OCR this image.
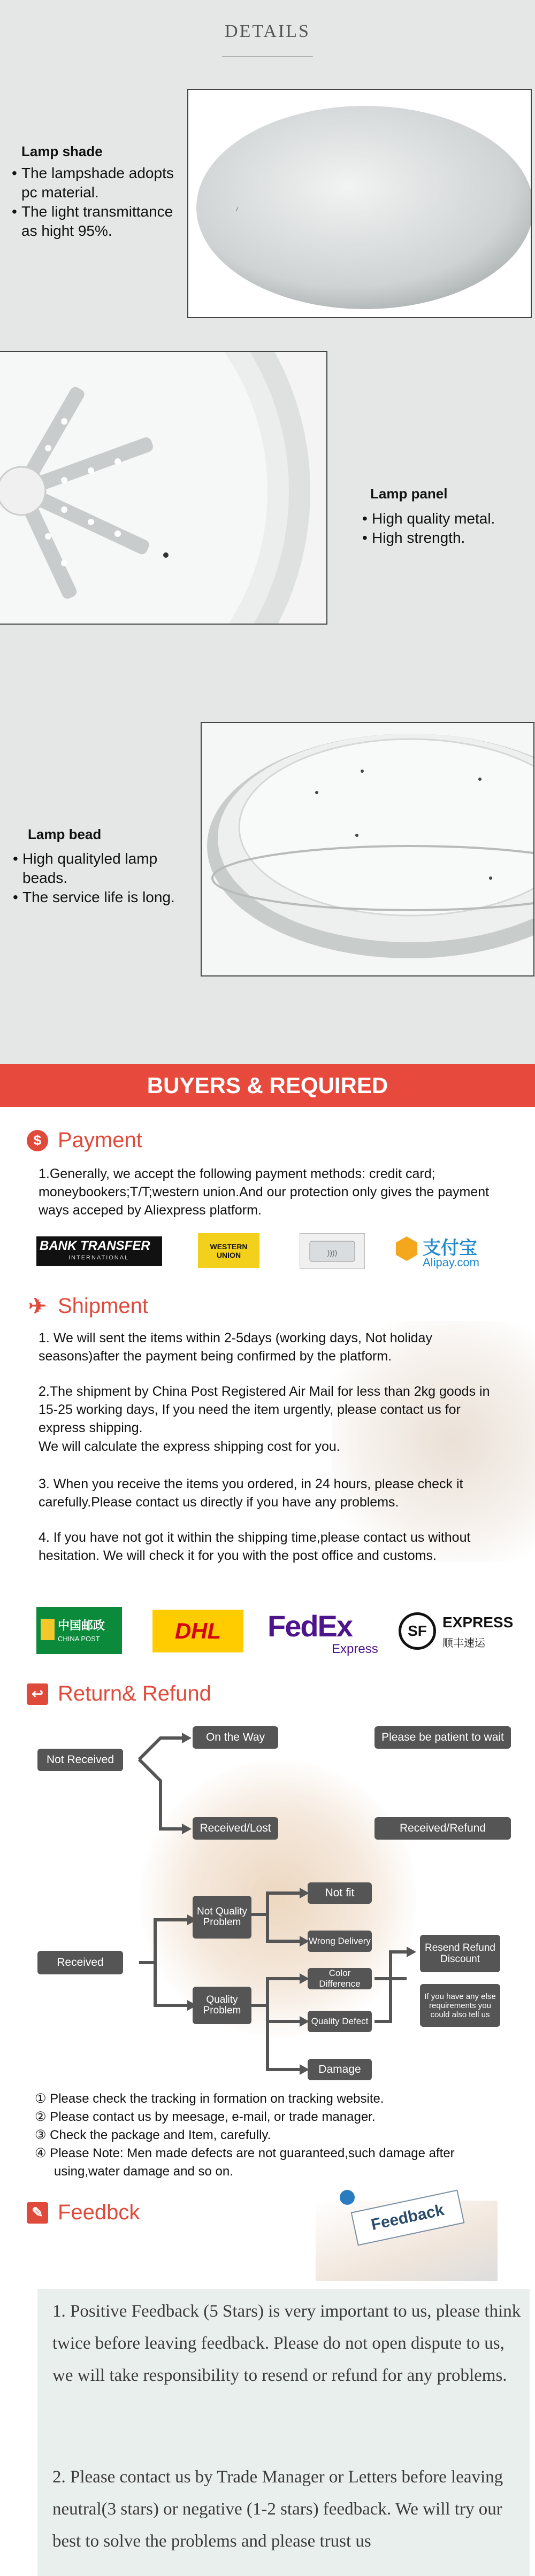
DETAILS
~
Lamp shade
• The lampshade adopts pc material.
• The light transmittance as hight 95%.
Lamp panel
• High quality metal.
• High strength.
Lamp bead
• High qualityled lamp beads.
• The service life is long.
BUYERS & REQUIRED
$ Payment
1.Generally, we accept the following payment methods: credit card; moneybookers;T/T;western union.And our protection only gives the payment ways acceped by Aliexpress platform.
BANK TRANSFER
INTERNATIONAL
WESTERN UNION	))))	支付宝
Alipay.com
✈ Shipment
1. We will sent the items within 2-5days (working days, Not holiday seasons)after the payment being confirmed by the platform.
2.The shipment by China Post Registered Air Mail for less than 2kg goods in 15-25 working days, If you need the item urgently, please contact us for express shipping.
We will calculate the express shipping cost for you.
3. When you receive the items you ordered, in 24 hours, please check it carefully.Please contact us directly if you have any problems.
4. If you have not got it within the shipping time,please contact us without hesitation. We will check it for you with the post office and customs.
中国邮政
CHINA POST	DHL	FedEx
Express
SF
EXPRESS
顺丰速运
↩ Return& Refund
Not Received
On the Way	Please be patient to wait
Received/Lost	Received/Refund
Received
Not Quality Problem
Quality Problem
Not fit
Wrong Delivery
Color Difference
Quality Defect
Damage
Resend Refund Discount
If you have any else requirements you could also tell us
① Please check the tracking in formation on tracking website.
② Please contact us by meesage, e-mail, or trade manager.
③ Check the package and Item, carefully.
④ Please Note: Men made defects are not guaranteed,such damage after using,water damage and so on.
✎ Feedbck	Feedback
1. Positive Feedback (5 Stars) is very important to us, please think twice before leaving feedback. Please do not open dispute to us, we will take responsibility to resend or refund for any problems.
2. Please contact us by Trade Manager or Letters before leaving neutral(3 stars) or negative (1-2 stars) feedback. We will try our best to solve the problems and please trust us
